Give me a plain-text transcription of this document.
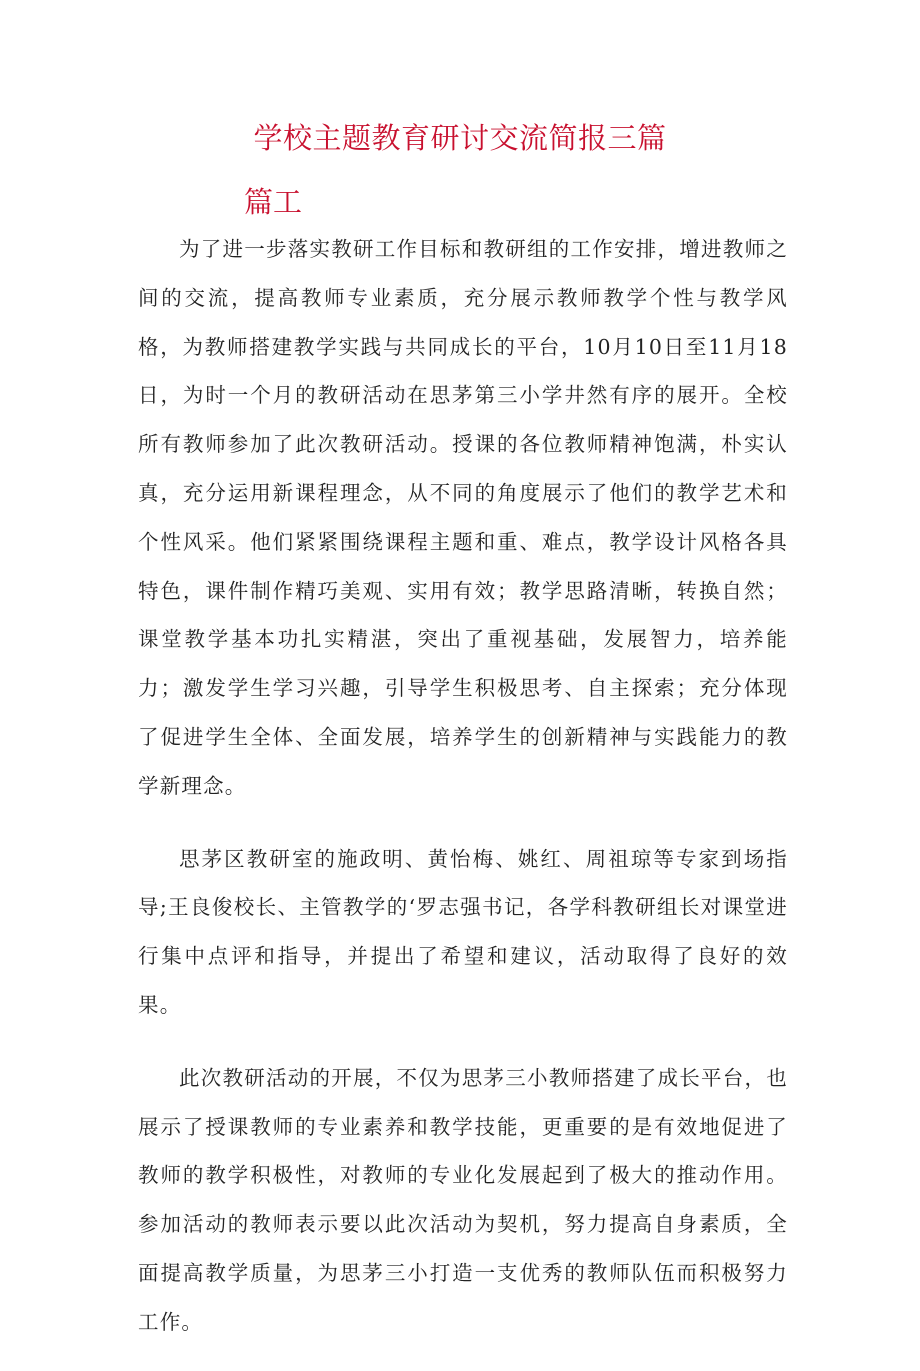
学校主题教育研讨交流简报三篇
篇工

为了进一步落实教研工作目标和教研组的工作安排，增进教师之间的交流，提高教师专业素质，充分展示教师教学个性与教学风格，为教师搭建教学实践与共同成长的平台，10月10日至11月18日，为时一个月的教研活动在思茅第三小学井然有序的展开。全校所有教师参加了此次教研活动。授课的各位教师精神饱满，朴实认真，充分运用新课程理念，从不同的角度展示了他们的教学艺术和个性风采。他们紧紧围绕课程主题和重、难点，教学设计风格各具特色，课件制作精巧美观、实用有效；教学思路清晰，转换自然；课堂教学基本功扎实精湛，突出了重视基础，发展智力，培养能力；激发学生学习兴趣，引导学生积极思考、自主探索；充分体现了促进学生全体、全面发展，培养学生的创新精神与实践能力的教学新理念。

思茅区教研室的施政明、黄怡梅、姚红、周祖琼等专家到场指导;王良俊校长、主管教学的‘罗志强书记，各学科教研组长对课堂进行集中点评和指导，并提出了希望和建议，活动取得了良好的效果。

此次教研活动的开展，不仅为思茅三小教师搭建了成长平台，也展示了授课教师的专业素养和教学技能，更重要的是有效地促进了教师的教学积极性，对教师的专业化发展起到了极大的推动作用。参加活动的教师表示要以此次活动为契机，努力提高自身素质，全面提高教学质量，为思茅三小打造一支优秀的教师队伍而积极努力工作。
